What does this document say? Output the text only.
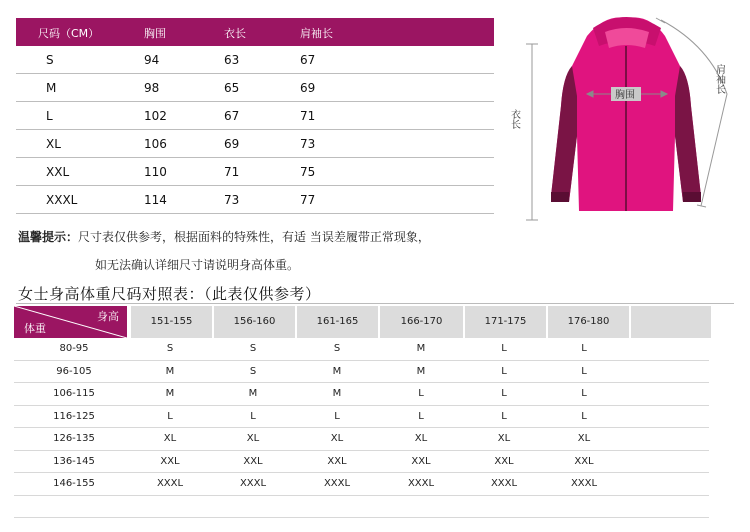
尺码（CM）	胸围	衣长	肩袖长
S	94	63	67
M	98	65	69
L	102	67	71
XL	106	69	73
XXL	110	71	75
XXXL	114	73	77
温馨提示：尺寸表仅供参考，根据面料的特殊性，有适 当误差履带正常现象，
如无法确认详细尺寸请说明身高体重。
女士身高体重尺码对照表：（此表仅供参考）
身高
体重
151-155	156-160	161-165	166-170	171-175	176-180
80-95	S	S	S	M	L	L
96-105	M	S	M	M	L	L
106-115	M	M	M	L	L	L
116-125	L	L	L	L	L	L
126-135	XL	XL	XL	XL	XL	XL
136-145	XXL	XXL	XXL	XXL	XXL	XXL
146-155	XXXL	XXXL	XXXL	XXXL	XXXL	XXXL
衣长
肩袖长
胸围
